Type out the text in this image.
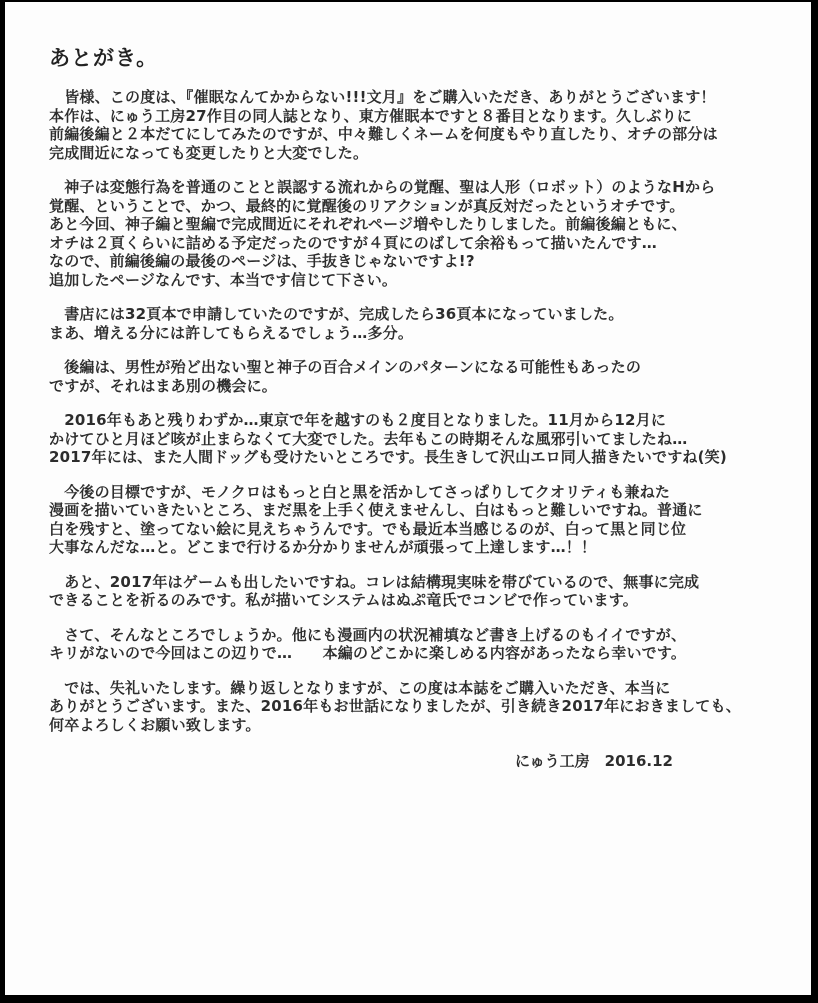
あとがき。

　皆様、この度は、『催眠なんてかからない!!!文月』をご購入いただき、ありがとうございます！
本作は、にゅう工房27作目の同人誌となり、東方催眠本ですと８番目となります。久しぶりに
前編後編と２本だてにしてみたのですが、中々難しくネームを何度もやり直したり、オチの部分は
完成間近になっても変更したりと大変でした。

　神子は変態行為を普通のことと誤認する流れからの覚醒、聖は人形（ロボット）のようなHから
覚醒、ということで、かつ、最終的に覚醒後のリアクションが真反対だったというオチです。
あと今回、神子編と聖編で完成間近にそれぞれページ増やしたりしました。前編後編ともに、
オチは２頁くらいに詰める予定だったのですが４頁にのばして余裕もって描いたんです…
なので、前編後編の最後のページは、手抜きじゃないですよ!?
追加したページなんです、本当です信じて下さい。

　書店には32頁本で申請していたのですが、完成したら36頁本になっていました。
まあ、増える分には許してもらえるでしょう…多分。

　後編は、男性が殆ど出ない聖と神子の百合メインのパターンになる可能性もあったの
ですが、それはまあ別の機会に。

　2016年もあと残りわずか…東京で年を越すのも２度目となりました。11月から12月に
かけてひと月ほど咳が止まらなくて大変でした。去年もこの時期そんな風邪引いてましたね…
2017年には、また人間ドッグも受けたいところです。長生きして沢山エロ同人描きたいですね(笑)

　今後の目標ですが、モノクロはもっと白と黒を活かしてさっぱりしてクオリティも兼ねた
漫画を描いていきたいところ、まだ黒を上手く使えませんし、白はもっと難しいですね。普通に
白を残すと、塗ってない絵に見えちゃうんです。でも最近本当感じるのが、白って黒と同じ位
大事なんだな…と。どこまで行けるか分かりませんが頑張って上達します…！！

　あと、2017年はゲームも出したいですね。コレは結構現実味を帯びているので、無事に完成
できることを祈るのみです。私が描いてシステムはぬぷ竜氏でコンビで作っています。

　さて、そんなところでしょうか。他にも漫画内の状況補填など書き上げるのもイイですが、
キリがないので今回はこの辺りで…　　本編のどこかに楽しめる内容があったなら幸いです。

　では、失礼いたします。繰り返しとなりますが、この度は本誌をご購入いただき、本当に
ありがとうございます。また、2016年もお世話になりましたが、引き続き2017年におきましても、
何卒よろしくお願い致します。

にゅう工房　2016.12
